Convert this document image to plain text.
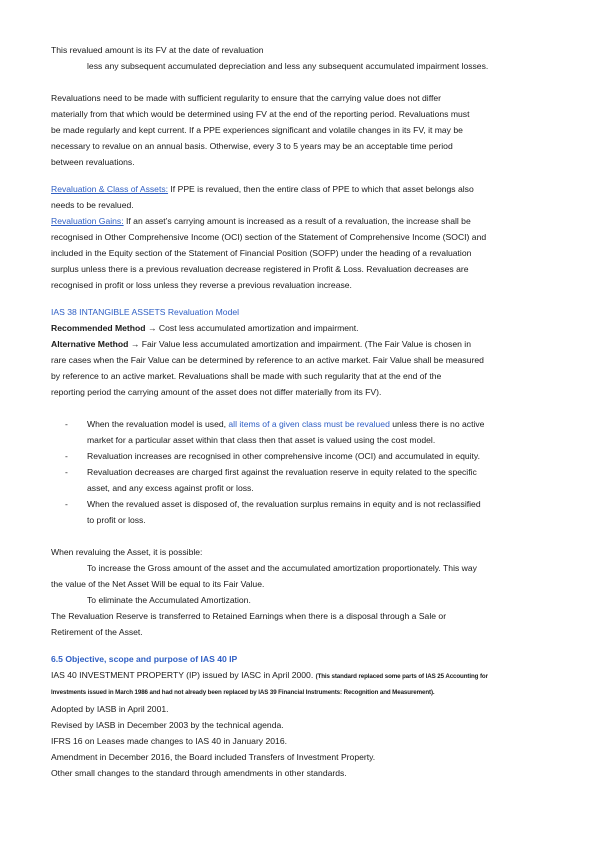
This revalued amount is its FV at the date of revaluation

less any subsequent accumulated depreciation and less any subsequent accumulated impairment losses.

Revaluations need to be made with sufficient regularity to ensure that the carrying value does not differ

materially from that which would be determined using FV at the end of the reporting period. Revaluations must

be made regularly and kept current. If a PPE experiences significant and volatile changes in its FV, it may be

necessary to revalue on an annual basis. Otherwise, every 3 to 5 years may be an acceptable time period

between revaluations.

Revaluation & Class of Assets: If PPE is revalued, then the entire class of PPE to which that asset belongs also

needs to be revalued.

Revaluation Gains: If an asset’s carrying amount is increased as a result of a revaluation, the increase shall be

recognised in Other Comprehensive Income (OCI) section of the Statement of Comprehensive Income (SOCI) and

included in the Equity section of the Statement of Financial Position (SOFP) under the heading of a revaluation

surplus unless there is a previous revaluation decrease registered in Profit & Loss. Revaluation decreases are

recognised in profit or loss unless they reverse a previous revaluation increase.

IAS 38 INTANGIBLE ASSETS Revaluation Model

Recommended Method → Cost less accumulated amortization and impairment.

Alternative Method → Fair Value less accumulated amortization and impairment. (The Fair Value is chosen in

rare cases when the Fair Value can be determined by reference to an active market. Fair Value shall be measured

by reference to an active market. Revaluations shall be made with such regularity that at the end of the

reporting period the carrying amount of the asset does not differ materially from its FV).

- When the revaluation model is used, all items of a given class must be revalued unless there is no active
market for a particular asset within that class then that asset is valued using the cost model.
- Revaluation increases are recognised in other comprehensive income (OCI) and accumulated in equity.
- Revaluation decreases are charged first against the revaluation reserve in equity related to the specific
asset, and any excess against profit or loss.
- When the revalued asset is disposed of, the revaluation surplus remains in equity and is not reclassified
to profit or loss.

When revaluing the Asset, it is possible:

To increase the Gross amount of the asset and the accumulated amortization proportionately. This way

the value of the Net Asset Will be equal to its Fair Value.

To eliminate the Accumulated Amortization.

The Revaluation Reserve is transferred to Retained Earnings when there is a disposal through a Sale or

Retirement of the Asset.

6.5 Objective, scope and purpose of IAS 40 IP

IAS 40 INVESTMENT PROPERTY (IP) issued by IASC in April 2000. (This standard replaced some parts of IAS 25 Accounting for

Investments issued in March 1986 and had not already been replaced by IAS 39 Financial Instruments: Recognition and Measurement).

Adopted by IASB in April 2001.

Revised by IASB in December 2003 by the technical agenda.

IFRS 16 on Leases made changes to IAS 40 in January 2016.

Amendment in December 2016, the Board included Transfers of Investment Property.

Other small changes to the standard through amendments in other standards.
